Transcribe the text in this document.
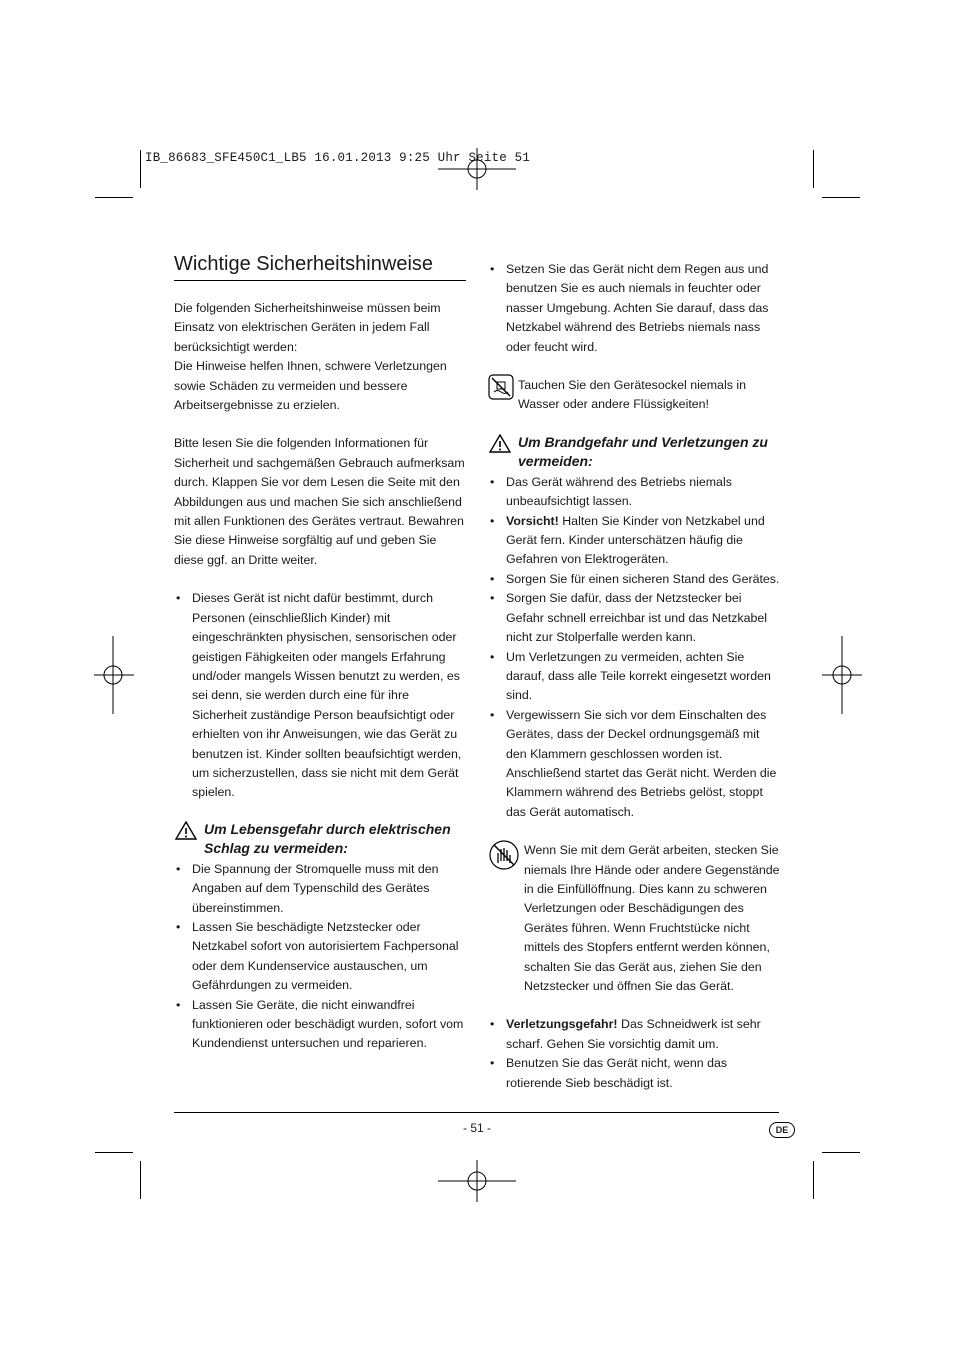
IB_86683_SFE450C1_LB5 16.01.2013 9:25 Uhr Seite 51
Wichtige Sicherheitshinweise

Die folgenden Sicherheitshinweise müssen beim Einsatz von elektrischen Geräten in jedem Fall berücksichtigt werden:

Die Hinweise helfen Ihnen, schwere Verletzungen sowie Schäden zu vermeiden und bessere Arbeitsergebnisse zu erzielen.

Bitte lesen Sie die folgenden Informationen für Sicherheit und sachgemäßen Gebrauch aufmerksam durch. Klappen Sie vor dem Lesen die Seite mit den Abbildungen aus und machen Sie sich anschließend mit allen Funktionen des Gerätes vertraut. Bewahren Sie diese Hinweise sorgfältig auf und geben Sie diese ggf. an Dritte weiter.

• Dieses Gerät ist nicht dafür bestimmt, durch Personen (einschließlich Kinder) mit eingeschränkten physischen, sensorischen oder geistigen Fähigkeiten oder mangels Erfahrung und/oder mangels Wissen benutzt zu werden, es sei denn, sie werden durch eine für ihre Sicherheit zuständige Person beaufsichtigt oder erhielten von ihr Anweisungen, wie das Gerät zu benutzen ist. Kinder sollten beaufsichtigt werden, um sicherzustellen, dass sie nicht mit dem Gerät spielen.

Um Lebensgefahr durch elektrischen Schlag zu vermeiden:

• Die Spannung der Stromquelle muss mit den Angaben auf dem Typenschild des Gerätes übereinstimmen.
• Lassen Sie beschädigte Netzstecker oder Netzkabel sofort von autorisiertem Fachpersonal oder dem Kundenservice austauschen, um Gefährdungen zu vermeiden.
• Lassen Sie Geräte, die nicht einwandfrei funktionieren oder beschädigt wurden, sofort vom Kundendienst untersuchen und reparieren.
• Setzen Sie das Gerät nicht dem Regen aus und benutzen Sie es auch niemals in feuchter oder nasser Umgebung. Achten Sie darauf, dass das Netzkabel während des Betriebs niemals nass oder feucht wird.

Tauchen Sie den Gerätesockel niemals in Wasser oder andere Flüssigkeiten!

Um Brandgefahr und Verletzungen zu vermeiden:

• Das Gerät während des Betriebs niemals unbeaufsichtigt lassen.
• Vorsicht! Halten Sie Kinder von Netzkabel und Gerät fern. Kinder unterschätzen häufig die Gefahren von Elektrogeräten.
• Sorgen Sie für einen sicheren Stand des Gerätes.
• Sorgen Sie dafür, dass der Netzstecker bei Gefahr schnell erreichbar ist und das Netzkabel nicht zur Stolperfalle werden kann.
• Um Verletzungen zu vermeiden, achten Sie darauf, dass alle Teile korrekt eingesetzt worden sind.
• Vergewissern Sie sich vor dem Einschalten des Gerätes, dass der Deckel ordnungsgemäß mit den Klammern geschlossen worden ist. Anschließend startet das Gerät nicht. Werden die Klammern während des Betriebs gelöst, stoppt das Gerät automatisch.

Wenn Sie mit dem Gerät arbeiten, stecken Sie niemals Ihre Hände oder andere Gegenstände in die Einfüllöffnung. Dies kann zu schweren Verletzungen oder Beschädigungen des Gerätes führen. Wenn Fruchtstücke nicht mittels des Stopfers entfernt werden können, schalten Sie das Gerät aus, ziehen Sie den Netzstecker und öffnen Sie das Gerät.

• Verletzungsgefahr! Das Schneidwerk ist sehr scharf. Gehen Sie vorsichtig damit um.
• Benutzen Sie das Gerät nicht, wenn das rotierende Sieb beschädigt ist.
- 51 -	DE
